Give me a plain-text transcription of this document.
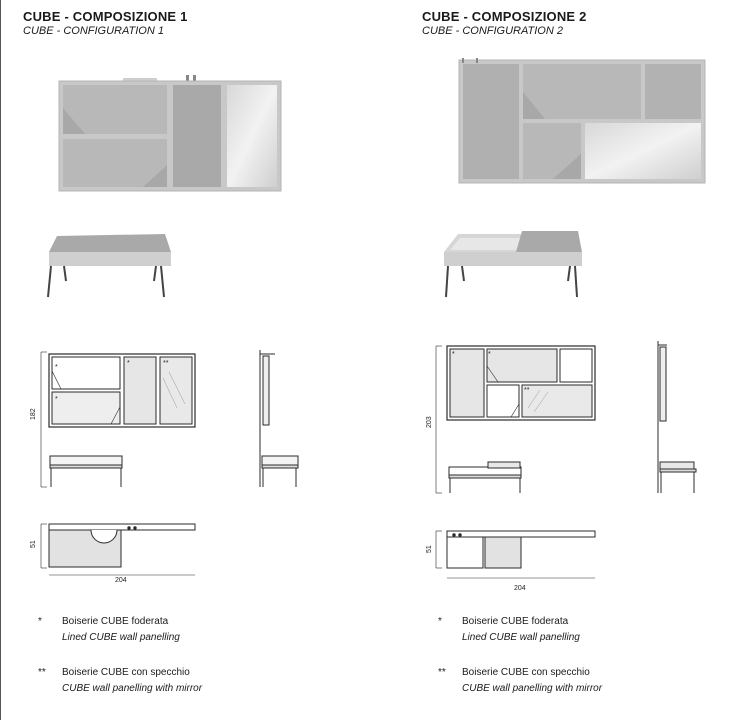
CUBE - COMPOSIZIONE 1
CUBE - CONFIGURATION 1
182
*
*
*	**
51
204
CUBE - COMPOSIZIONE 2
CUBE - CONFIGURATION 2
203
*	*
**
51
204
* Boiserie CUBE foderata
Lined CUBE wall panelling
** Boiserie CUBE con specchio
CUBE wall panelling with mirror
* Boiserie CUBE foderata
Lined CUBE wall panelling
** Boiserie CUBE con specchio
CUBE wall panelling with mirror
